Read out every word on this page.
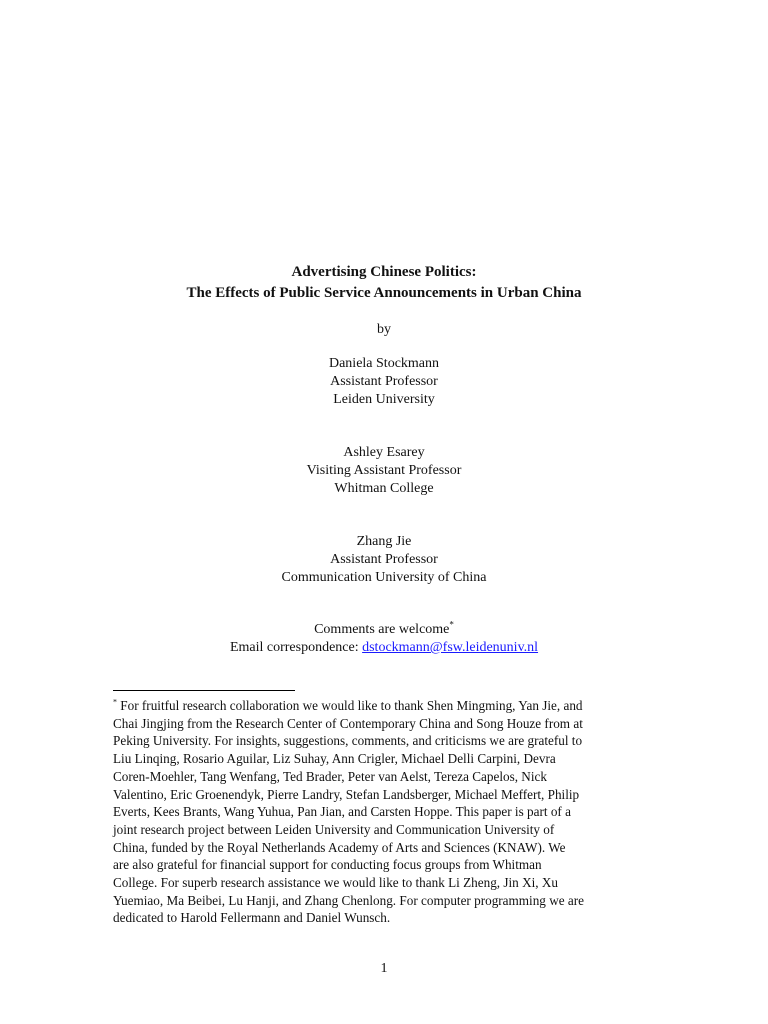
Advertising Chinese Politics:
The Effects of Public Service Announcements in Urban China
by
Daniela Stockmann
Assistant Professor
Leiden University
Ashley Esarey
Visiting Assistant Professor
Whitman College
Zhang Jie
Assistant Professor
Communication University of China
Comments are welcome*
Email correspondence: dstockmann@fsw.leidenuniv.nl
* For fruitful research collaboration we would like to thank Shen Mingming, Yan Jie, and
Chai Jingjing from the Research Center of Contemporary China and Song Houze from at
Peking University. For insights, suggestions, comments, and criticisms we are grateful to
Liu Linqing, Rosario Aguilar, Liz Suhay, Ann Crigler, Michael Delli Carpini, Devra
Coren-Moehler, Tang Wenfang, Ted Brader, Peter van Aelst, Tereza Capelos, Nick
Valentino, Eric Groenendyk, Pierre Landry, Stefan Landsberger, Michael Meffert, Philip
Everts, Kees Brants, Wang Yuhua, Pan Jian, and Carsten Hoppe. This paper is part of a
joint research project between Leiden University and Communication University of
China, funded by the Royal Netherlands Academy of Arts and Sciences (KNAW). We
are also grateful for financial support for conducting focus groups from Whitman
College. For superb research assistance we would like to thank Li Zheng, Jin Xi, Xu
Yuemiao, Ma Beibei, Lu Hanji, and Zhang Chenlong. For computer programming we are
dedicated to Harold Fellermann and Daniel Wunsch.
1
